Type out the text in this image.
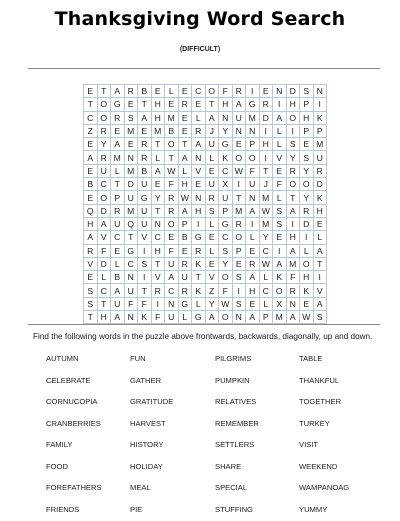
Thanksgiving Word Search
(DIFFICULT)
E T A R B E L E C O F R	I	E N D S N
T O G E T H E R E T H A G R	I	H P	I
C O R S A H M E L A N U M D A O H K
Z R E M E M B E R J Y N N	I	L	I	P P
E Y A E R T O T A U G E P H L S E M
A R M N R L T A N L K O O	I	V Y S U
E U L M B A W L V E C W F T E R Y R
B C T D U E F H E U X	I	U J	F O O D
E O P U G Y R W N R U T N M L T Y K
Q D R M U T R A H S P M A W S A R H
H A U Q U N O P	I	L G R	I	M S	I	D E
A V C T V C E B G E C O L Y E H	I	L
R F E G	I	H F E R L S P E C	I	A L A
V D L C S T U R K E Y E R W A M O T
E L B N	I	V A U T V O S A L K F H	I
S C A U T R C R K Z F	I	H C O R K V
S T U F F	I	N G L Y W S E L X N E A
T H A N K F U L G A O N A P M A W S
Find the following words in the puzzle above frontwards, backwards, diagonally, up and down.
AUTUMN	FUN	PILGRIMS	TABLE
CELEBRATE	GATHER	PUMPKIN	THANKFUL
CORNUCOPIA	GRATITUDE	RELATIVES	TOGETHER
CRANBERRIES	HARVEST	REMEMBER	TURKEY
FAMILY	HISTORY	SETTLERS	VISIT
FOOD	HOLIDAY	SHARE	WEEKEND
FOREFATHERS	MEAL	SPECIAL	WAMPANOAG
FRIENDS	PIE	STUFFING	YUMMY
